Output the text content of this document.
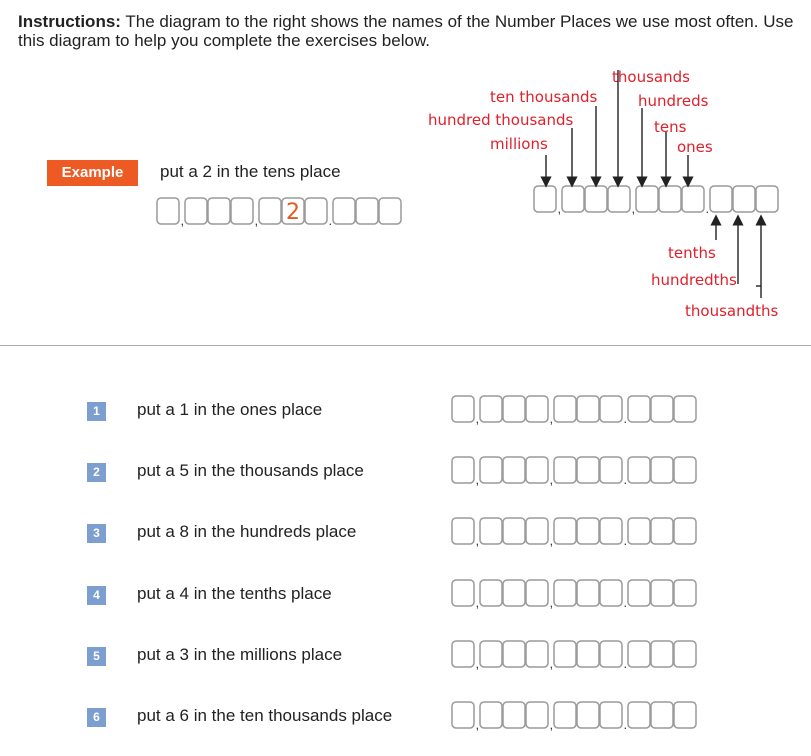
Instructions: The diagram to the right shows the names of the Number Places we use most often. Use this diagram to help you complete the exercises below.
Example	put a 2 in the tens place
,	, 2 .
,	,	.
thousands
ten thousands	hundreds
hundred thousands	tens
millions	ones
tenths
hundredths
thousandths
1	put a 1 in the ones place	,	,	.
2	put a 5 in the thousands place	,	,	.
3	put a 8 in the hundreds place	,	,	.
4	put a 4 in the tenths place	,	,	.
5	put a 3 in the millions place	,	,	.
6	put a 6 in the ten thousands place	,	,	.
